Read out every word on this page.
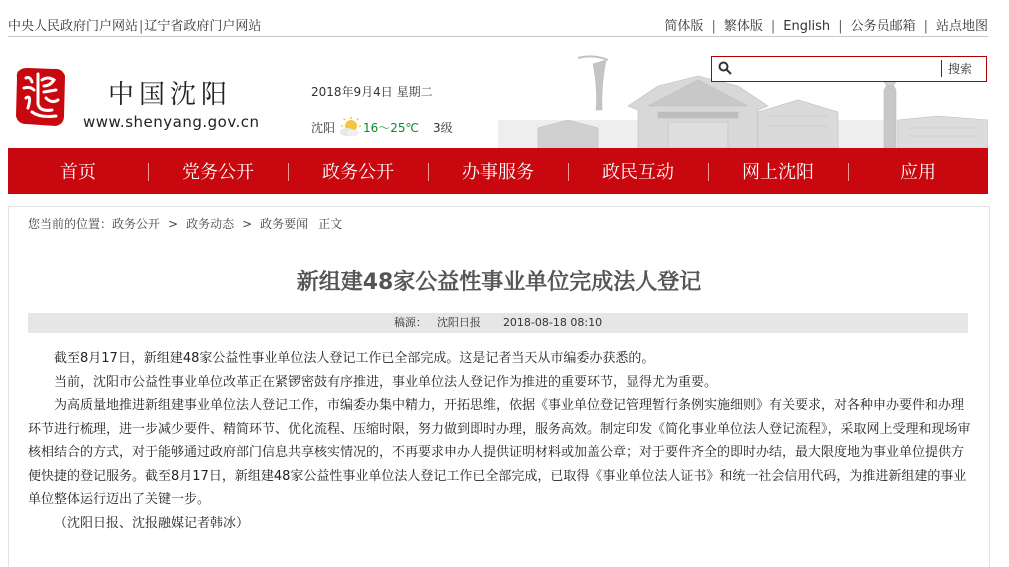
中央人民政府门户网站|辽宁省政府门户网站	简体版 | 繁体版 | English | 公务员邮箱 | 站点地图
中国沈阳
www.shenyang.gov.cn
2018年9月4日 星期二
沈阳 16～25℃ 3级
搜索
首页	党务公开	政务公开	办事服务	政民互动	网上沈阳	应用
您当前的位置：政务公开 > 政务动态 > 政务要闻 正文
新组建48家公益性事业单位完成法人登记
稿源： 沈阳日报 2018-08-18 08:10

截至8月17日，新组建48家公益性事业单位法人登记工作已全部完成。这是记者当天从市编委办获悉的。

当前，沈阳市公益性事业单位改革正在紧锣密鼓有序推进，事业单位法人登记作为推进的重要环节，显得尤为重要。

为高质量地推进新组建事业单位法人登记工作，市编委办集中精力，开拓思维，依据《事业单位登记管理暂行条例实施细则》有关要求，对各种申办要件和办理环节进行梳理，进一步减少要件、精简环节、优化流程、压缩时限，努力做到即时办理，服务高效。制定印发《简化事业单位法人登记流程》，采取网上受理和现场审核相结合的方式，对于能够通过政府部门信息共享核实情况的，不再要求申办人提供证明材料或加盖公章；对于要件齐全的即时办结，最大限度地为事业单位提供方便快捷的登记服务。截至8月17日，新组建48家公益性事业单位法人登记工作已全部完成，已取得《事业单位法人证书》和统一社会信用代码，为推进新组建的事业单位整体运行迈出了关键一步。

（沈阳日报、沈报融媒记者韩冰）
